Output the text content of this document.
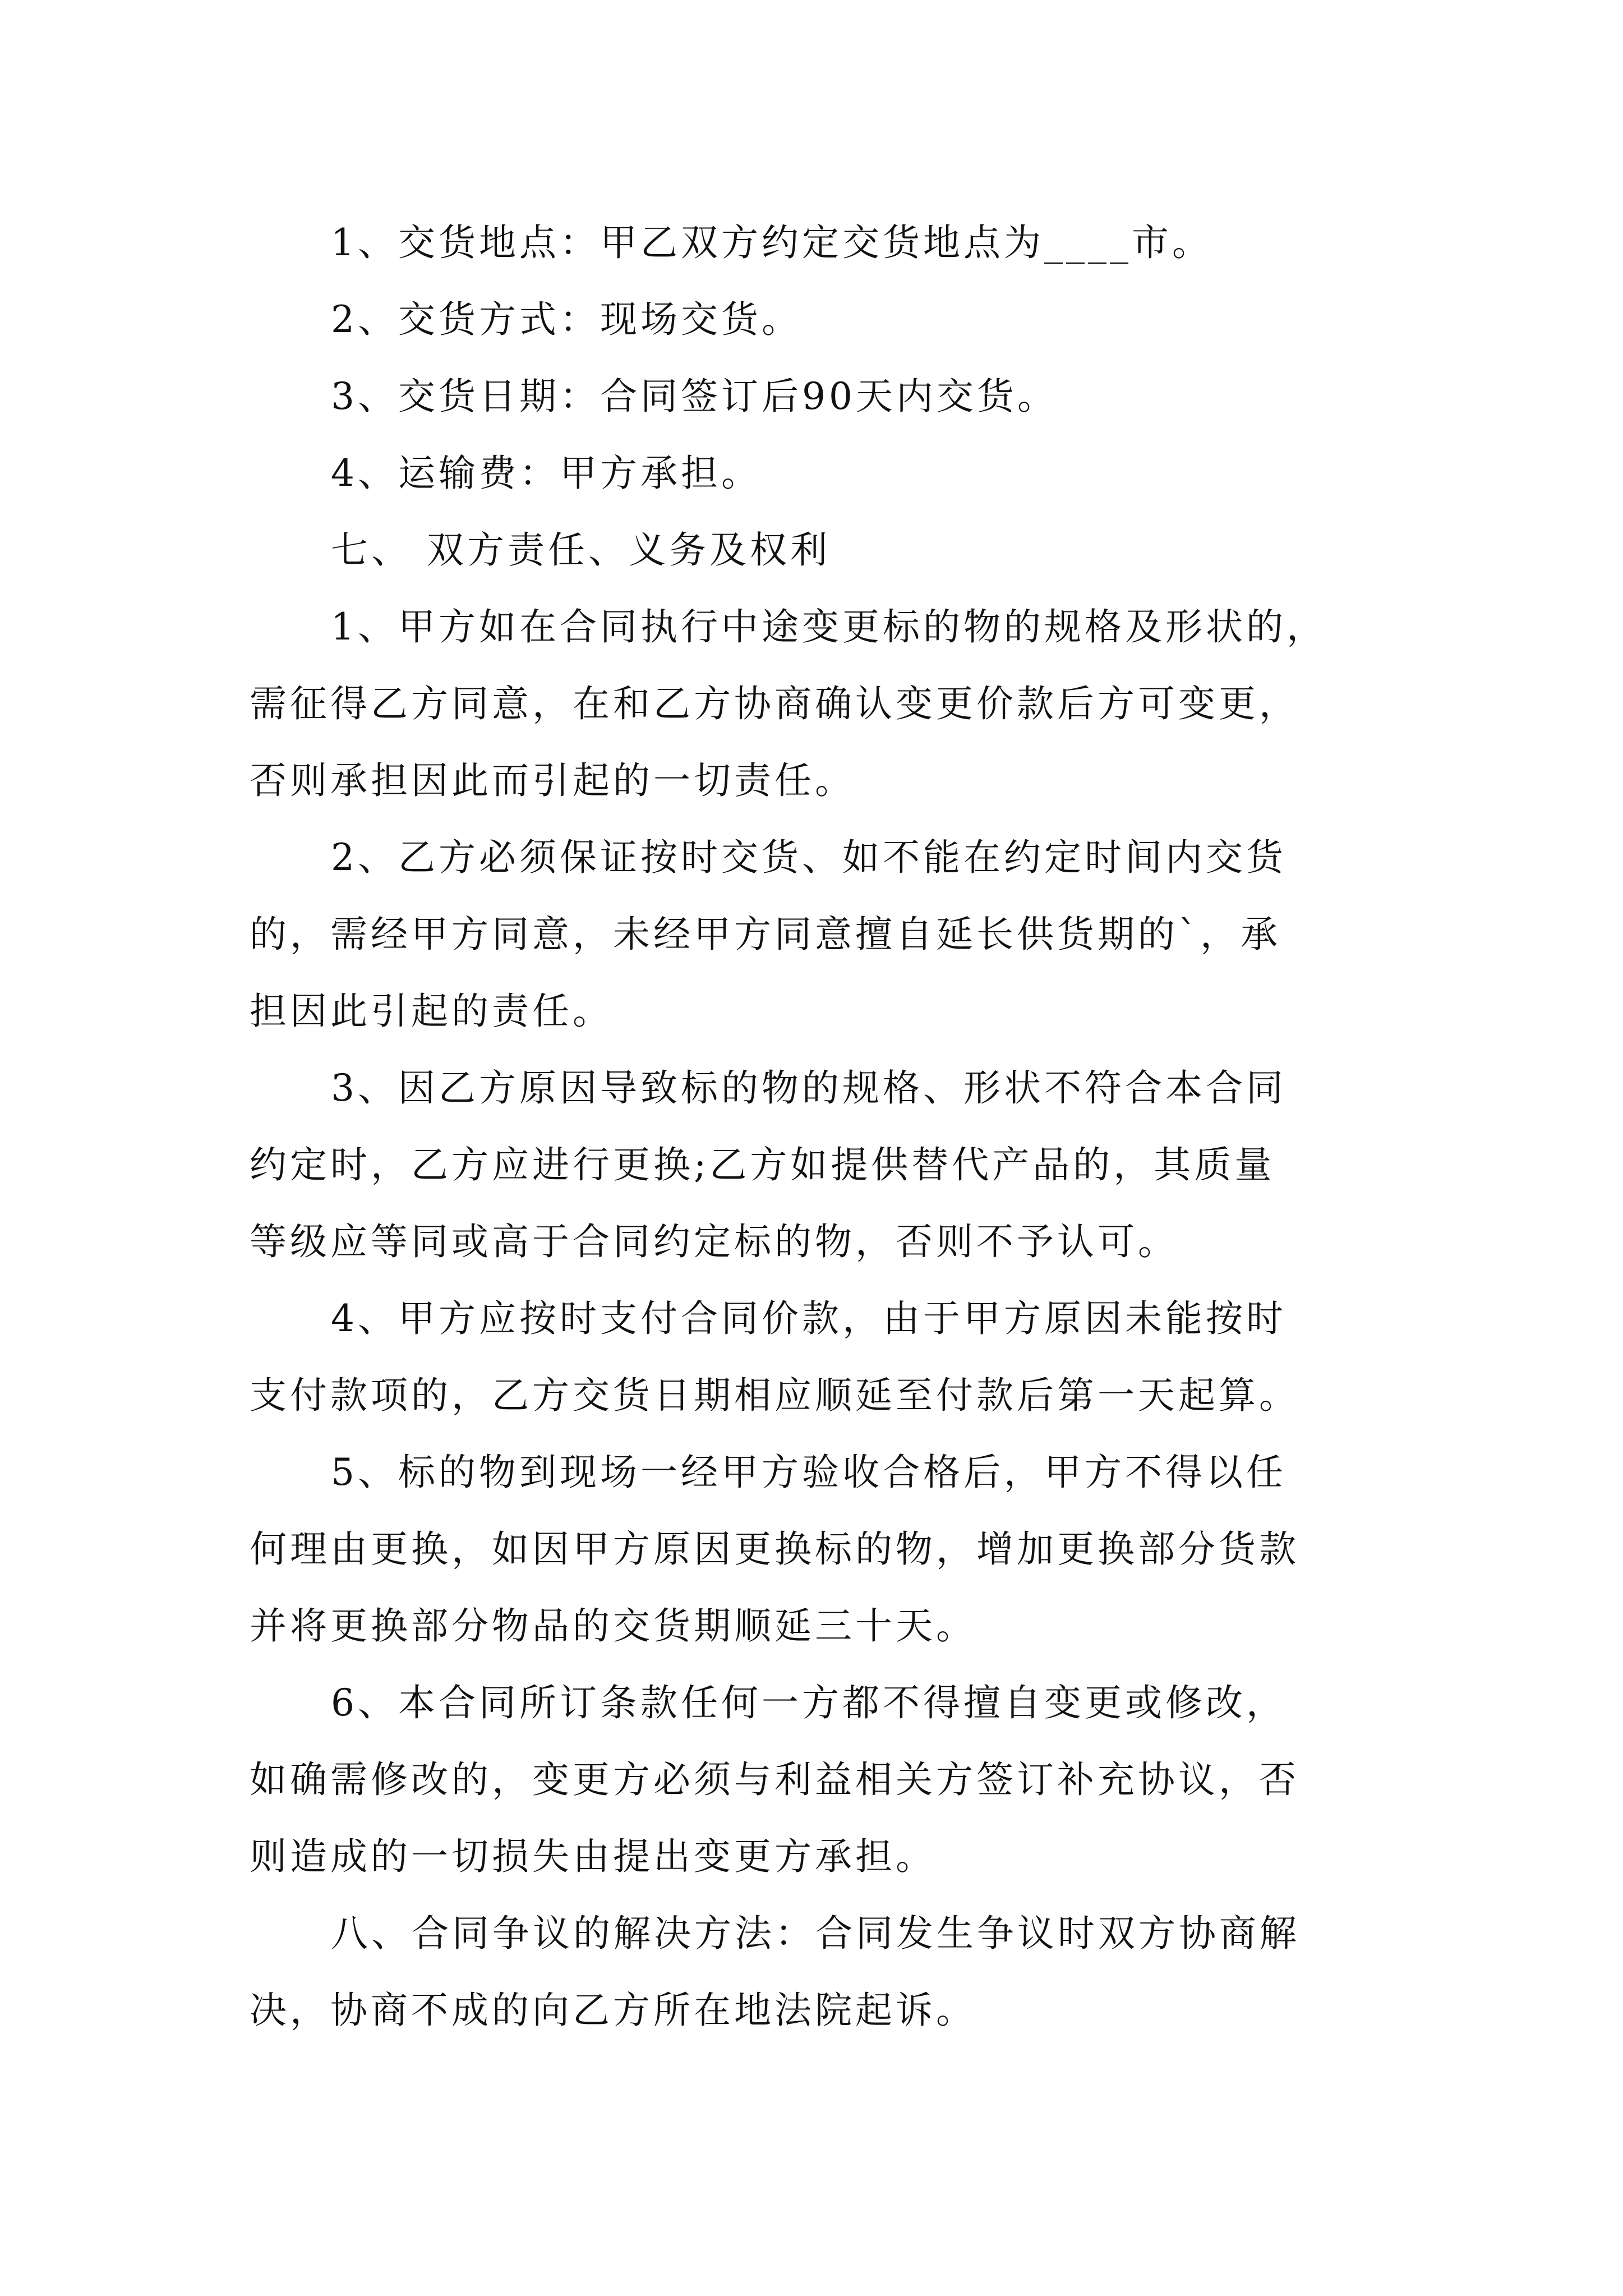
1、交货地点：甲乙双方约定交货地点为____市。

2、交货方式：现场交货。

3、交货日期：合同签订后90天内交货。

4、运输费：甲方承担。

七、 双方责任、义务及权利

1、甲方如在合同执行中途变更标的物的规格及形状的，

需征得乙方同意，在和乙方协商确认变更价款后方可变更，

否则承担因此而引起的一切责任。

2、乙方必须保证按时交货、如不能在约定时间内交货

的，需经甲方同意，未经甲方同意擅自延长供货期的`，承

担因此引起的责任。

3、因乙方原因导致标的物的规格、形状不符合本合同

约定时，乙方应进行更换;乙方如提供替代产品的，其质量

等级应等同或高于合同约定标的物，否则不予认可。

4、甲方应按时支付合同价款，由于甲方原因未能按时

支付款项的，乙方交货日期相应顺延至付款后第一天起算。

5、标的物到现场一经甲方验收合格后，甲方不得以任

何理由更换，如因甲方原因更换标的物，增加更换部分货款

并将更换部分物品的交货期顺延三十天。

6、本合同所订条款任何一方都不得擅自变更或修改，

如确需修改的，变更方必须与利益相关方签订补充协议，否

则造成的一切损失由提出变更方承担。

八、合同争议的解决方法：合同发生争议时双方协商解

决，协商不成的向乙方所在地法院起诉。
